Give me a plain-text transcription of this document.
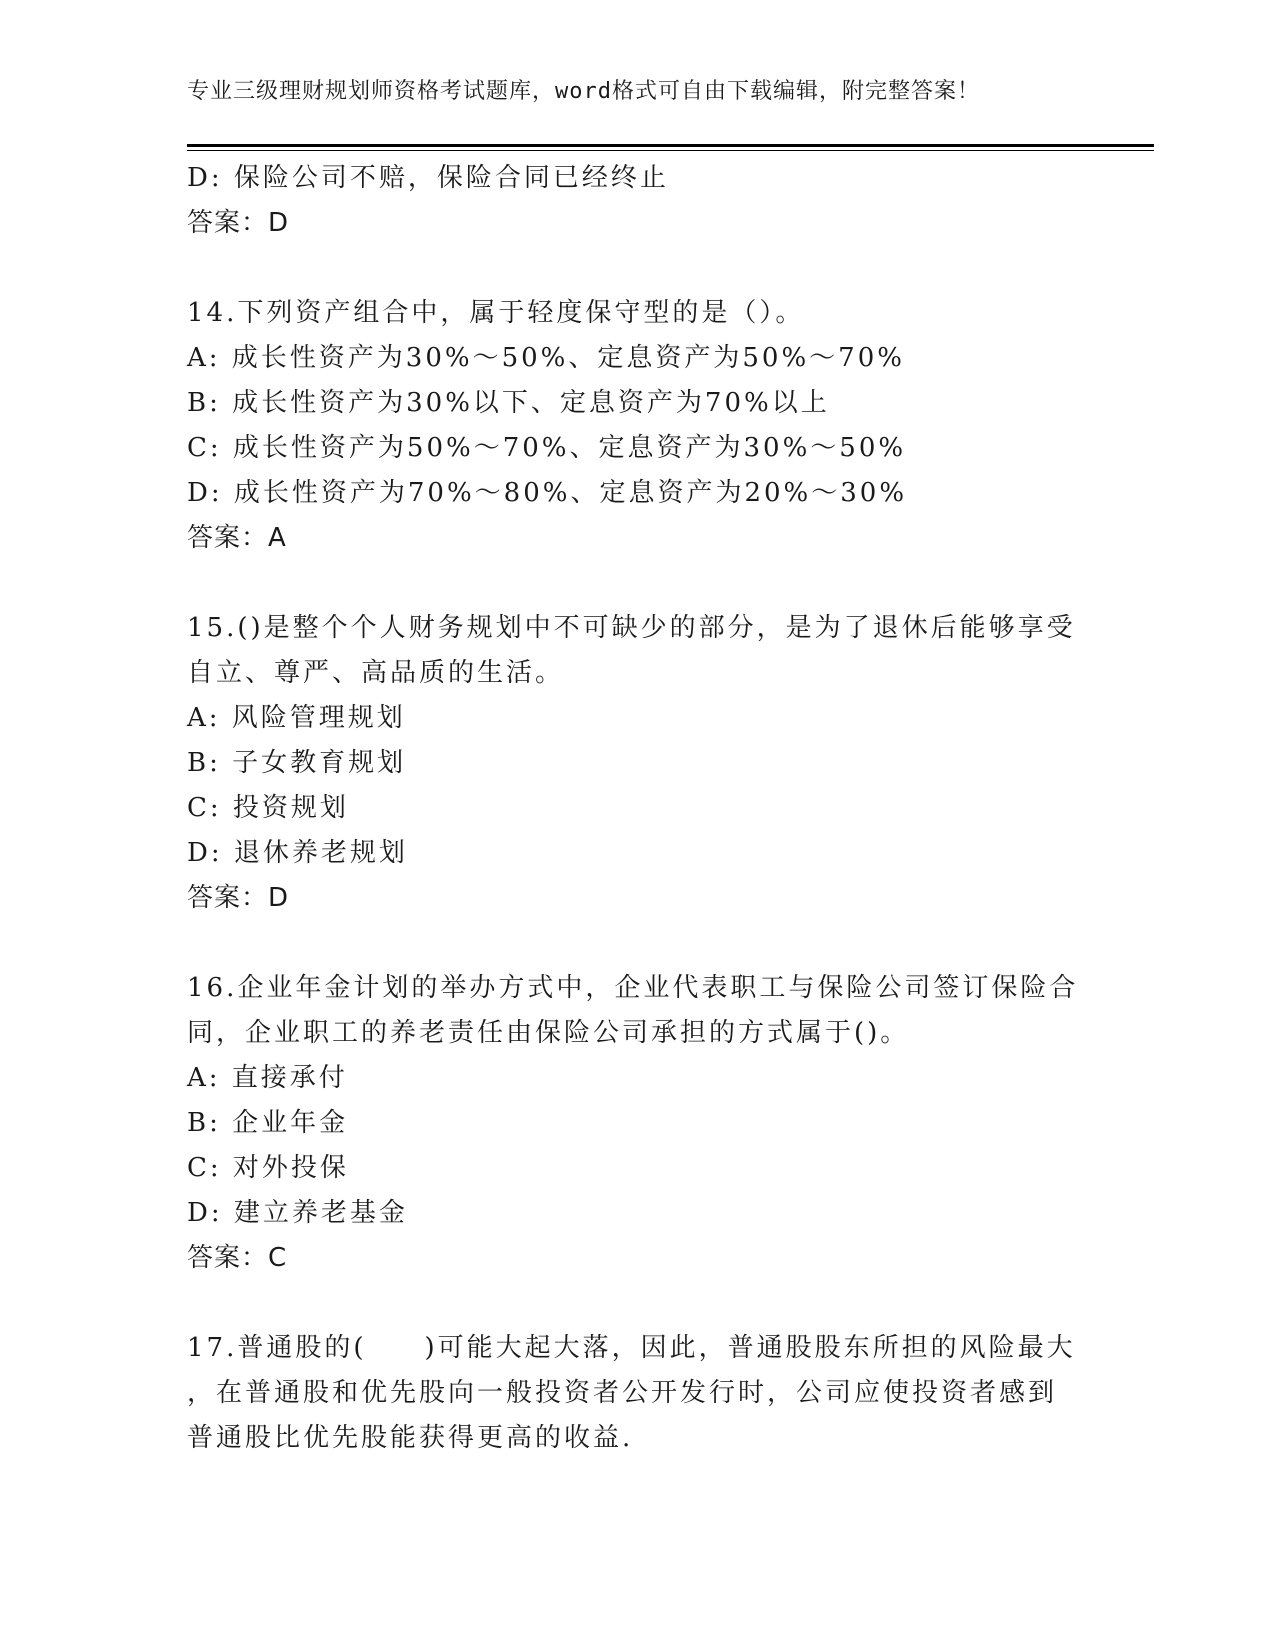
专业三级理财规划师资格考试题库，word格式可自由下载编辑，附完整答案！
D: 保险公司不赔，保险合同已经终止
答案：D
14.下列资产组合中，属于轻度保守型的是（）。
A: 成长性资产为30%～50%、定息资产为50%～70%
B: 成长性资产为30%以下、定息资产为70%以上
C: 成长性资产为50%～70%、定息资产为30%～50%
D: 成长性资产为70%～80%、定息资产为20%～30%
答案：A
15.()是整个个人财务规划中不可缺少的部分，是为了退休后能够享受
自立、尊严、高品质的生活。
A: 风险管理规划
B: 子女教育规划
C: 投资规划
D: 退休养老规划
答案：D
16.企业年金计划的举办方式中，企业代表职工与保险公司签订保险合
同，企业职工的养老责任由保险公司承担的方式属于()。
A: 直接承付
B: 企业年金
C: 对外投保
D: 建立养老基金
答案：C
17.普通股的(　　)可能大起大落，因此，普通股股东所担的风险最大
，在普通股和优先股向一般投资者公开发行时，公司应使投资者感到
普通股比优先股能获得更高的收益.
